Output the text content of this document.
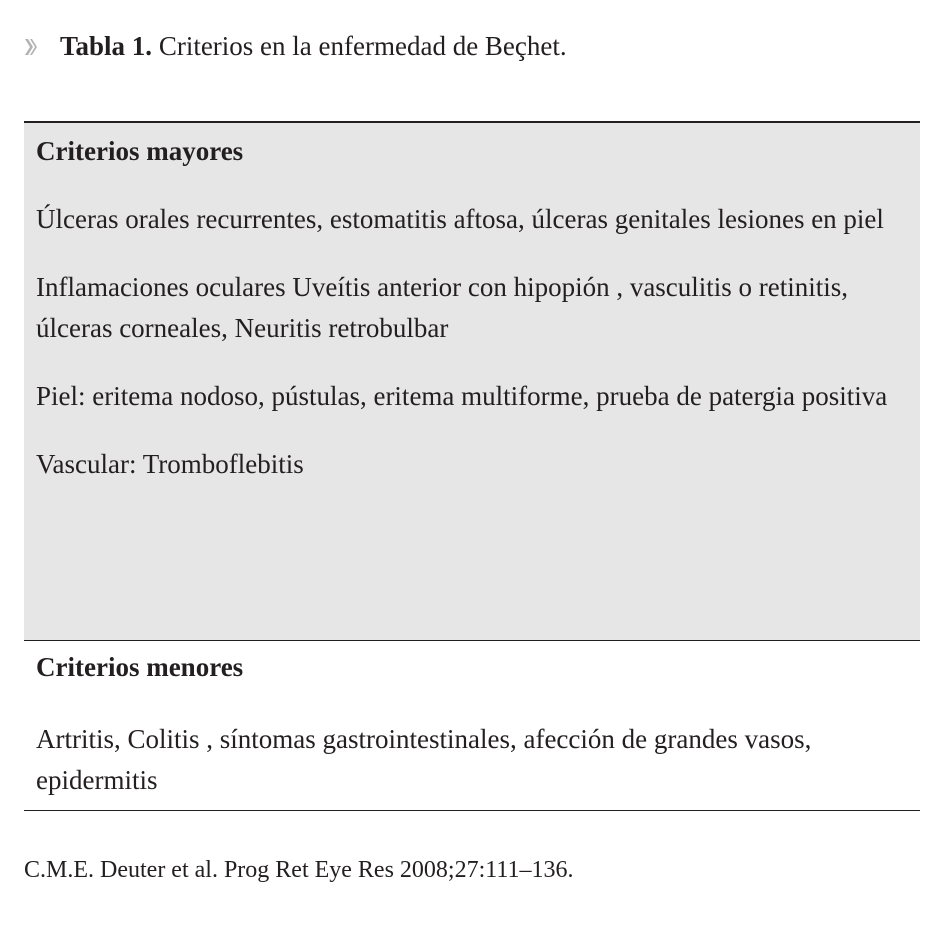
Tabla 1. Criterios en la enfermedad de Beçhet.

Criterios mayores

Úlceras orales recurrentes, estomatitis aftosa, úlceras genitales lesiones en piel

Inflamaciones oculares Uveítis anterior con hipopión , vasculitis o retinitis, úlceras corneales, Neuritis retrobulbar

Piel: eritema nodoso, pústulas, eritema multiforme, prueba de patergia positiva

Vascular: Tromboflebitis

Criterios menores

Artritis, Colitis , síntomas gastrointestinales, afección de grandes vasos, epidermitis

C.M.E. Deuter et al. Prog Ret Eye Res 2008;27:111–136.
